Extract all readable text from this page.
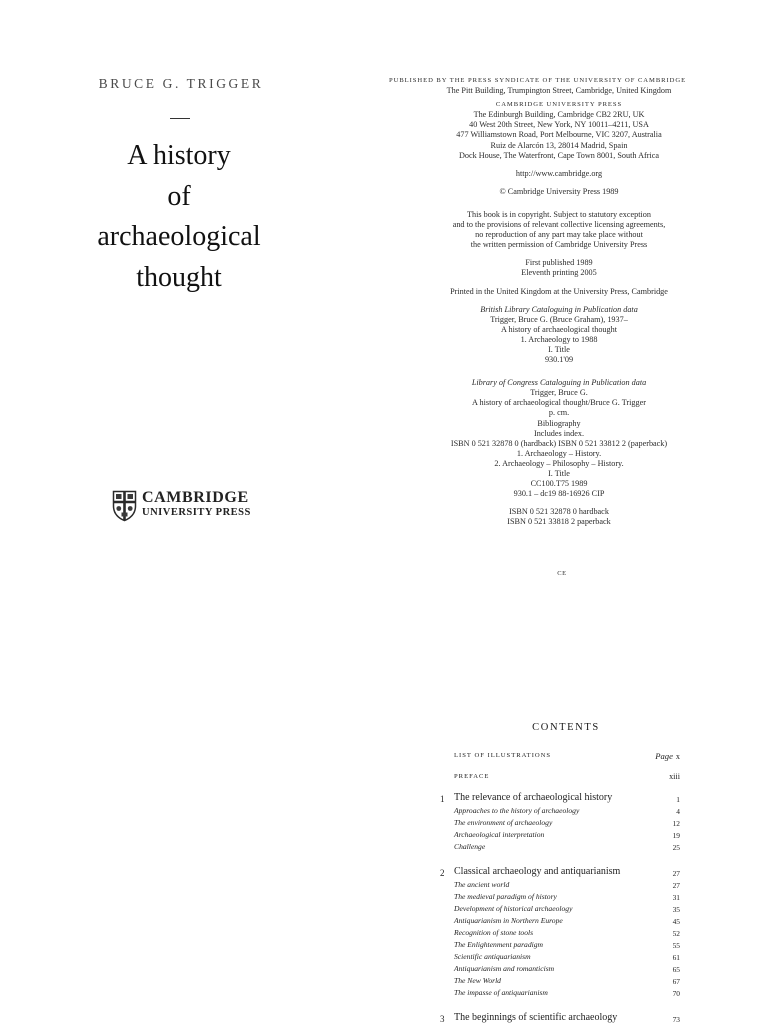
BRUCE G. TRIGGER
A history
of
archaeological
thought
CAMBRIDGE
UNIVERSITY PRESS
PUBLISHED BY THE PRESS SYNDICATE OF THE UNIVERSITY OF CAMBRIDGE
The Pitt Building, Trumpington Street, Cambridge, United Kingdom
CAMBRIDGE UNIVERSITY PRESS
The Edinburgh Building, Cambridge CB2 2RU, UK
40 West 20th Street, New York, NY 10011–4211, USA
477 Williamstown Road, Port Melbourne, VIC 3207, Australia
Ruiz de Alarcón 13, 28014 Madrid, Spain
Dock House, The Waterfront, Cape Town 8001, South Africa
http://www.cambridge.org
© Cambridge University Press 1989
This book is in copyright. Subject to statutory exception
and to the provisions of relevant collective licensing agreements,
no reproduction of any part may take place without
the written permission of Cambridge University Press
First published 1989
Eleventh printing 2005
Printed in the United Kingdom at the University Press, Cambridge
British Library Cataloguing in Publication data
Trigger, Bruce G. (Bruce Graham), 1937–
A history of archaeological thought
1. Archaeology to 1988
I. Title
930.1'09
Library of Congress Cataloguing in Publication data
Trigger, Bruce G.
A history of archaeological thought/Bruce G. Trigger
p. cm.
Bibliography
Includes index.
ISBN 0 521 32878 0 (hardback) ISBN 0 521 33812 2 (paperback)
1. Archaeology – History.
2. Archaeology – Philosophy – History.
I. Title
CC100.T75 1989
930.1 – dc19 88-16926 CIP
ISBN 0 521 32878 0 hardback
ISBN 0 521 33818 2 paperback
CE
CONTENTS
LIST OF ILLUSTRATIONS	Page x
PREFACE	xiii
1 The relevance of archaeological history	1
Approaches to the history of archaeology	4
The environment of archaeology	12
Archaeological interpretation	19
Challenge	25
2 Classical archaeology and antiquarianism	27
The ancient world	27
The medieval paradigm of history	31
Development of historical archaeology	35
Antiquarianism in Northern Europe	45
Recognition of stone tools	52
The Enlightenment paradigm	55
Scientific antiquarianism	61
Antiquarianism and romanticism	65
The New World	67
The impasse of antiquarianism	70
3 The beginnings of scientific archaeology	73
